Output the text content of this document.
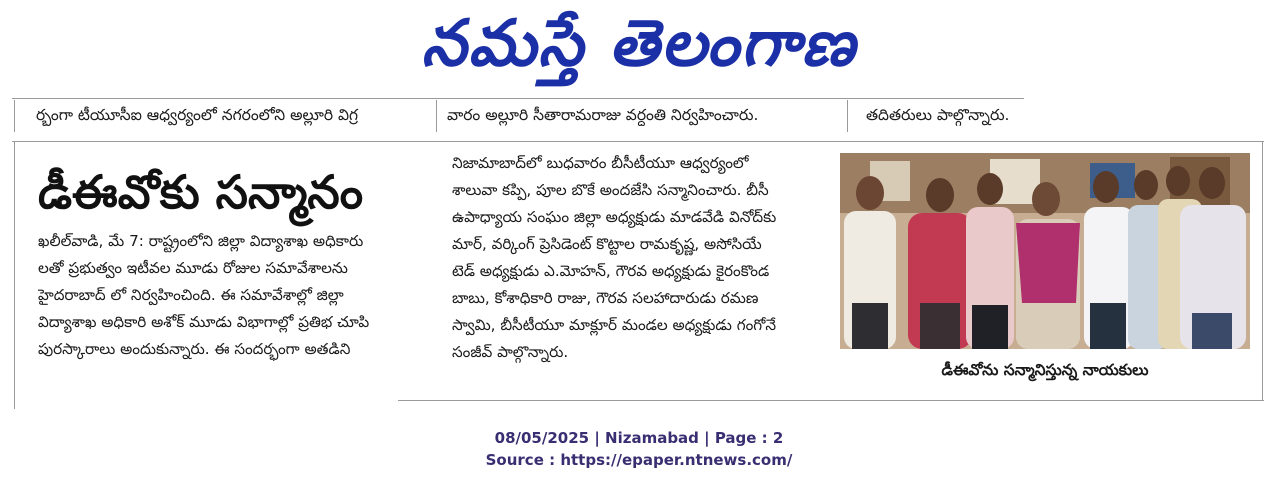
నమస్తే తెలంగాణ
ర్భంగా టీయూసీఐ ఆధ్వర్యంలో నగరంలోని అల్లూరి విగ్ర	వారం అల్లూరి సీతారామరాజు వర్ధంతి నిర్వహించారు.	తదితరులు పాల్గొన్నారు.
డీఈవోకు సన్మానం

ఖలీల్‌వాడి, మే 7: రాష్ట్రంలోని జిల్లా విద్యాశాఖ అధికారు

లతో ప్రభుత్వం ఇటీవల మూడు రోజుల సమావేశాలను

హైదరాబాద్ లో నిర్వహించింది. ఈ సమావేశాల్లో జిల్లా

విద్యాశాఖ అధికారి అశోక్ మూడు విభాగాల్లో ప్రతిభ చూపి

పురస్కారాలు అందుకున్నారు. ఈ సందర్భంగా అతడిని

నిజామాబాద్‌లో బుధవారం బీసీటీయూ ఆధ్వర్యంలో

శాలువా కప్పి, పూల బొకే అందజేసి సన్మానించారు. బీసీ

ఉపాధ్యాయ సంఘం జిల్లా అధ్యక్షుడు మాడవేడి వినోద్‌కు

మార్, వర్కింగ్ ప్రెసిడెంట్ కొట్టాల రామకృష్ణ, అసోసియే

టెడ్ అధ్యక్షుడు ఎ.మోహన్, గౌరవ అధ్యక్షుడు కైరంకొండ

బాబు, కోశాధికారి రాజు, గౌరవ సలహాదారుడు రమణ

స్వామి, బీసీటీయూ మాక్లూర్ మండల అధ్యక్షుడు గంగోనే

సంజీవ్ పాల్గొన్నారు.

డీఈవోను సన్మానిస్తున్న నాయకులు
08/05/2025 | Nizamabad | Page : 2
Source : https://epaper.ntnews.com/
